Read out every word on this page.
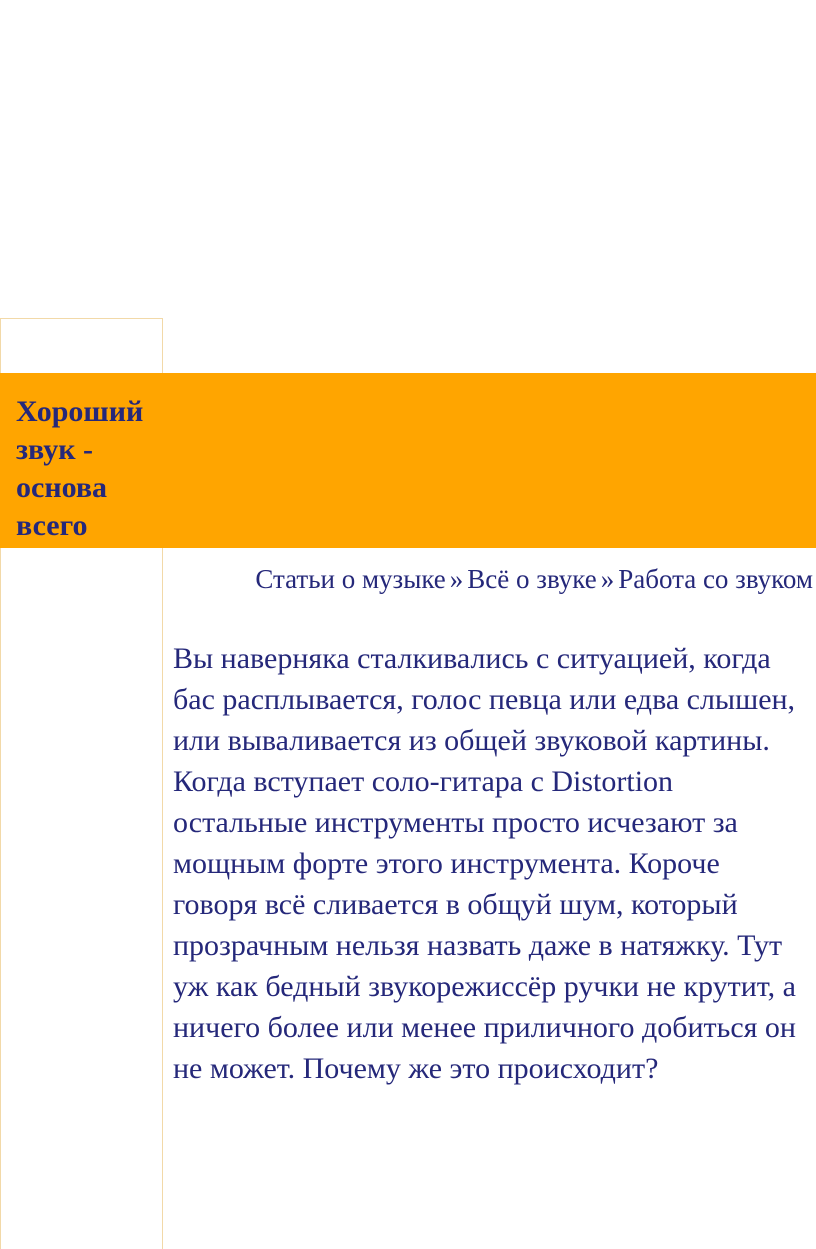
Хороший
звук -
основа
всего

Статьи о музыке » Всё о звуке » Работа со звуком

Вы наверняка сталкивались с ситуацией, когда бас расплывается, голос певца или едва слышен, или вываливается из общей звуковой картины. Когда вступает соло-гитара с Distortion остальные инструменты просто исчезают за мощным форте этого инструмента. Короче говоря всё сливается в общуй шум, который прозрачным нельзя назвать даже в натяжку. Тут уж как бедный звукорежиссёр ручки не крутит, а ничего более или менее приличного добиться он не может. Почему же это происходит?
